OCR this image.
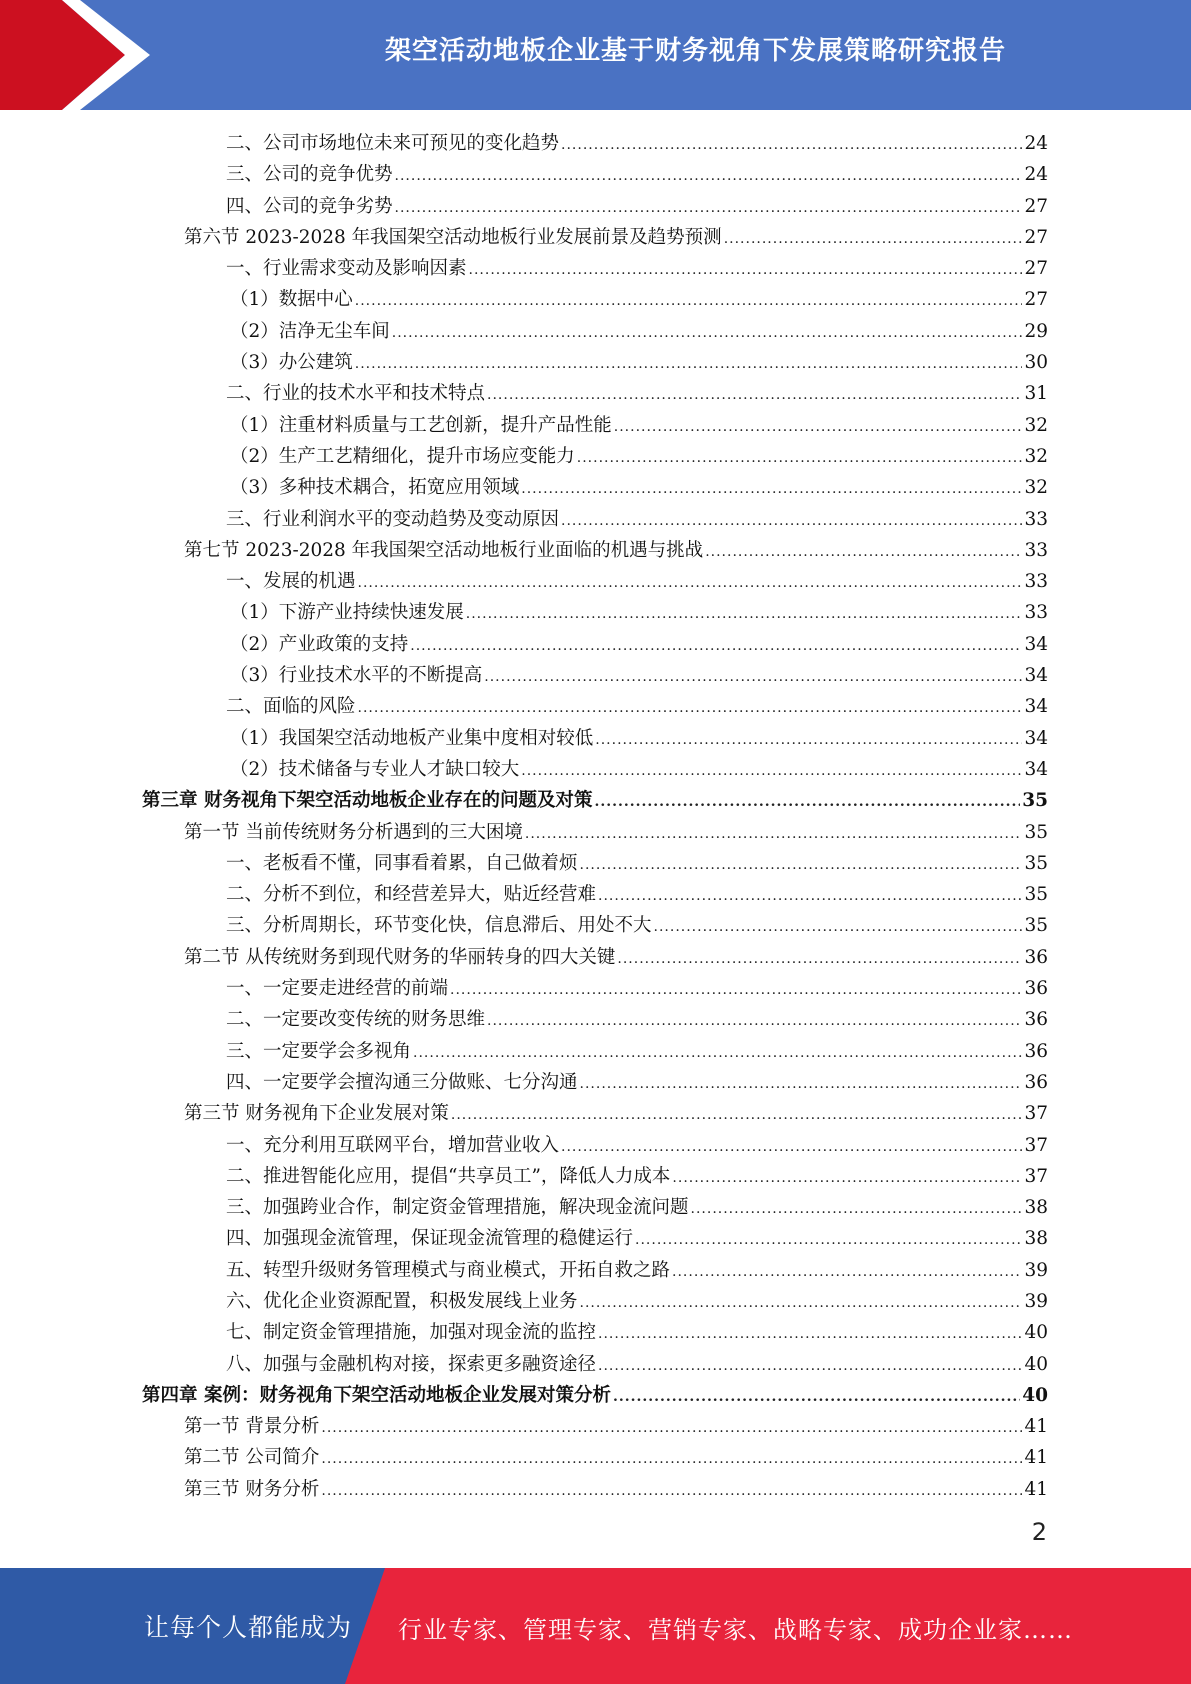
架空活动地板企业基于财务视角下发展策略研究报告
二、公司市场地位未来可预见的变化趋势 .....	24
三、公司的竞争优势 .....	24
四、公司的竞争劣势 .....	27
第六节 2023-2028 年我国架空活动地板行业发展前景及趋势预测 .....	27
一、行业需求变动及影响因素 .....	27
（1）数据中心 .....	27
（2）洁净无尘车间 .....	29
（3）办公建筑 .....	30
二、行业的技术水平和技术特点 .....	31
（1）注重材料质量与工艺创新，提升产品性能 .....	32
（2）生产工艺精细化，提升市场应变能力 .....	32
（3）多种技术耦合，拓宽应用领域 .....	32
三、行业利润水平的变动趋势及变动原因 .....	33
第七节 2023-2028 年我国架空活动地板行业面临的机遇与挑战 .....	33
一、发展的机遇 .....	33
（1）下游产业持续快速发展 .....	33
（2）产业政策的支持 .....	34
（3）行业技术水平的不断提高 .....	34
二、面临的风险 .....	34
（1）我国架空活动地板产业集中度相对较低 .....	34
（2）技术储备与专业人才缺口较大 .....	34
第三章 财务视角下架空活动地板企业存在的问题及对策 .....	35
第一节 当前传统财务分析遇到的三大困境 .....	35
一、老板看不懂，同事看着累，自己做着烦 .....	35
二、分析不到位，和经营差异大，贴近经营难 .....	35
三、分析周期长，环节变化快，信息滞后、用处不大 .....	35
第二节 从传统财务到现代财务的华丽转身的四大关键 .....	36
一、一定要走进经营的前端 .....	36
二、一定要改变传统的财务思维 .....	36
三、一定要学会多视角 .....	36
四、一定要学会擅沟通三分做账、七分沟通 .....	36
第三节 财务视角下企业发展对策 .....	37
一、充分利用互联网平台，增加营业收入 .....	37
二、推进智能化应用，提倡“共享员工”，降低人力成本 .....	37
三、加强跨业合作，制定资金管理措施，解决现金流问题 .....	38
四、加强现金流管理，保证现金流管理的稳健运行 .....	38
五、转型升级财务管理模式与商业模式，开拓自救之路 .....	39
六、优化企业资源配置，积极发展线上业务 .....	39
七、制定资金管理措施，加强对现金流的监控 .....	40
八、加强与金融机构对接，探索更多融资途径 .....	40
第四章 案例：财务视角下架空活动地板企业发展对策分析 .....	40
第一节 背景分析 .....	41
第二节 公司简介 .....	41
第三节 财务分析 .....	41
2
让每个人都能成为 行业专家、管理专家、营销专家、战略专家、成功企业家……
